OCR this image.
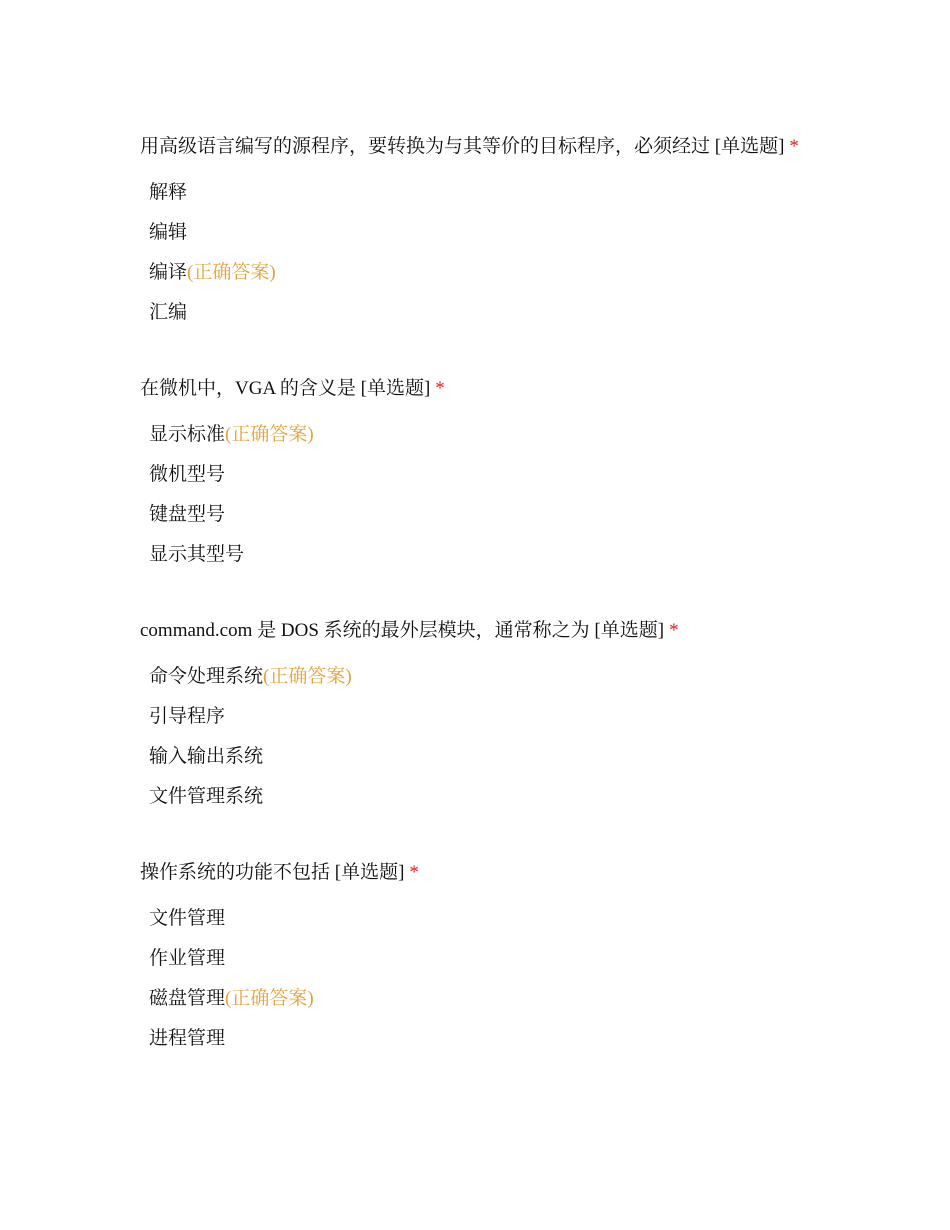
用高级语言编写的源程序，要转换为与其等价的目标程序，必须经过 [单选题] *
解释
编辑
编译(正确答案)
汇编
在微机中，VGA 的含义是 [单选题] *
显示标准(正确答案)
微机型号
键盘型号
显示其型号
command.com 是 DOS 系统的最外层模块，通常称之为 [单选题] *
命令处理系统(正确答案)
引导程序
输入输出系统
文件管理系统
操作系统的功能不包括 [单选题] *
文件管理
作业管理
磁盘管理(正确答案)
进程管理
